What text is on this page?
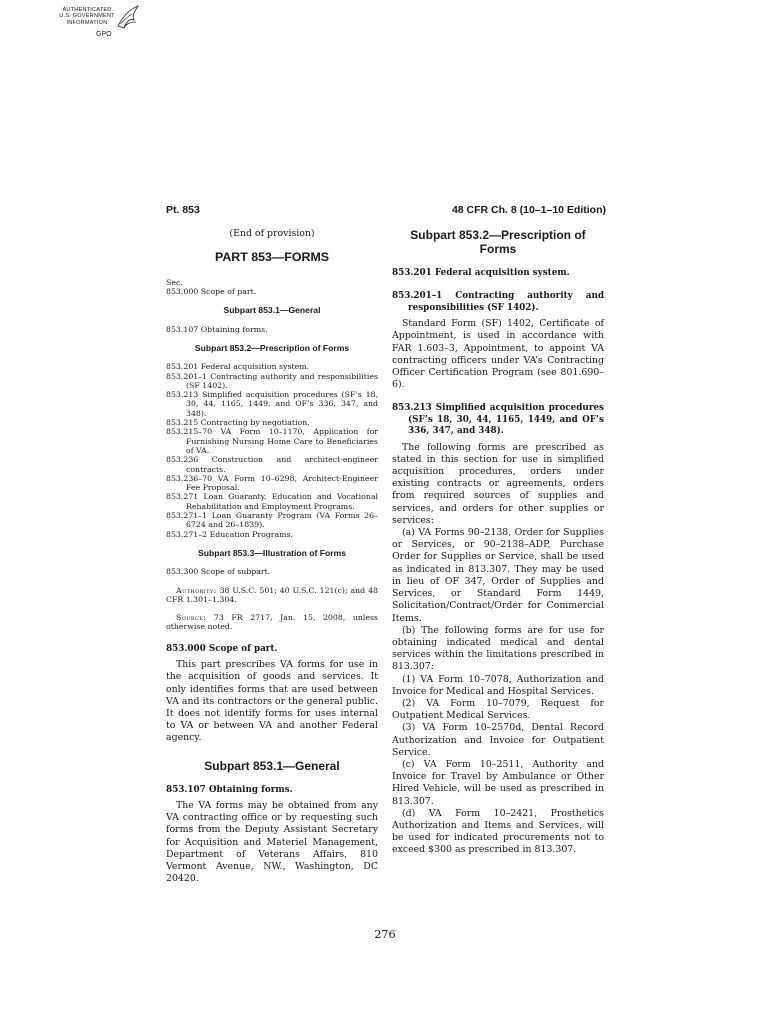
AUTHENTICATED
U.S. GOVERNMENT
INFORMATION
GPO
Pt. 853	48 CFR Ch. 8 (10–1–10 Edition)
(End of provision)
PART 853—FORMS
Sec.
853.000 Scope of part.
Subpart 853.1—General
853.107 Obtaining forms.
Subpart 853.2—Prescription of Forms
853.201 Federal acquisition system.
853.201–1 Contracting authority and responsibilities (SF 1402).
853.213 Simplified acquisition procedures (SF’s 18, 30, 44, 1165, 1449, and OF’s 336, 347, and 348).
853.215 Contracting by negotiation.
853.215–70 VA Form 10–1170, Application for Furnishing Nursing Home Care to Beneficiaries of VA.
853.236 Construction and architect-engineer contracts.
853.236–70 VA Form 10–6298, Architect-Engineer Fee Proposal.
853.271 Loan Guaranty, Education and Vocational Rehabilitation and Employment Programs.
853.271–1 Loan Guaranty Program (VA Forms 26–6724 and 26–1839).
853.271–2 Education Programs.
Subpart 853.3—Illustration of Forms
853.300 Scope of subpart.
Authority: 38 U.S.C. 501; 40 U.S.C. 121(c); and 48 CFR 1.301–1.304.
Source: 73 FR 2717, Jan. 15, 2008, unless otherwise noted.
853.000 Scope of part.
This part prescribes VA forms for use in the acquisition of goods and services. It only identifies forms that are used between VA and its contractors or the general public. It does not identify forms for uses internal to VA or between VA and another Federal agency.
Subpart 853.1—General
853.107 Obtaining forms.
The VA forms may be obtained from any VA contracting office or by requesting such forms from the Deputy Assistant Secretary for Acquisition and Materiel Management, Department of Veterans Affairs, 810 Vermont Avenue, NW., Washington, DC 20420.
Subpart 853.2—Prescription of Forms
853.201 Federal acquisition system.
853.201–1 Contracting authority and responsibilities (SF 1402).
Standard Form (SF) 1402, Certificate of Appointment, is used in accordance with FAR 1.603–3, Appointment, to appoint VA contracting officers under VA’s Contracting Officer Certification Program (see 801.690–6).
853.213 Simplified acquisition procedures (SF’s 18, 30, 44, 1165, 1449, and OF’s 336, 347, and 348).
The following forms are prescribed as stated in this section for use in simplified acquisition procedures, orders under existing contracts or agreements, orders from required sources of supplies and services, and orders for other supplies or services:
(a) VA Forms 90–2138, Order for Supplies or Services, or 90–2138–ADP, Purchase Order for Supplies or Service, shall be used as indicated in 813.307. They may be used in lieu of OF 347, Order of Supplies and Services, or Standard Form 1449, Solicitation/Contract/Order for Commercial Items.
(b) The following forms are for use for obtaining indicated medical and dental services within the limitations prescribed in 813.307:
(1) VA Form 10–7078, Authorization and Invoice for Medical and Hospital Services.
(2) VA Form 10–7079, Request for Outpatient Medical Services.
(3) VA Form 10–2570d, Dental Record Authorization and Invoice for Outpatient Service.
(c) VA Form 10–2511, Authority and Invoice for Travel by Ambulance or Other Hired Vehicle, will be used as prescribed in 813.307.
(d) VA Form 10–2421, Prosthetics Authorization and Items and Services, will be used for indicated procurements not to exceed $300 as prescribed in 813.307.
276
